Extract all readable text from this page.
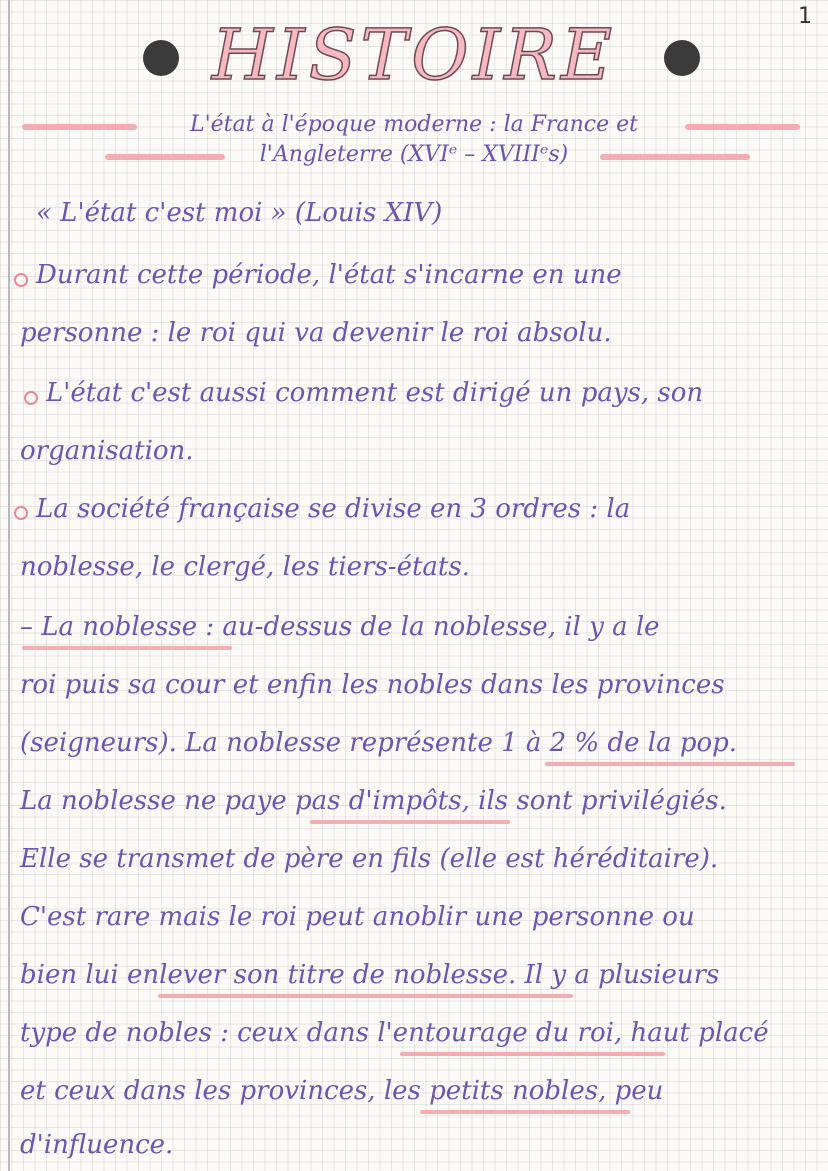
1
HISTOIRE
L'état à l'époque moderne : la France et
l'Angleterre (XVIᵉ – XVIIIᵉs)
« L'état c'est moi » (Louis XIV)
Durant cette période, l'état s'incarne en une
personne : le roi qui va devenir le roi absolu.
L'état c'est aussi comment est dirigé un pays, son
organisation.
La société française se divise en 3 ordres : la
noblesse, le clergé, les tiers-états.
– La noblesse : au-dessus de la noblesse, il y a le
roi puis sa cour et enfin les nobles dans les provinces
(seigneurs). La noblesse représente 1 à 2 % de la pop.
La noblesse ne paye pas d'impôts, ils sont privilégiés.
Elle se transmet de père en fils (elle est héréditaire).
C'est rare mais le roi peut anoblir une personne ou
bien lui enlever son titre de noblesse. Il y a plusieurs
type de nobles : ceux dans l'entourage du roi, haut placé
et ceux dans les provinces, les petits nobles, peu
d'influence.
